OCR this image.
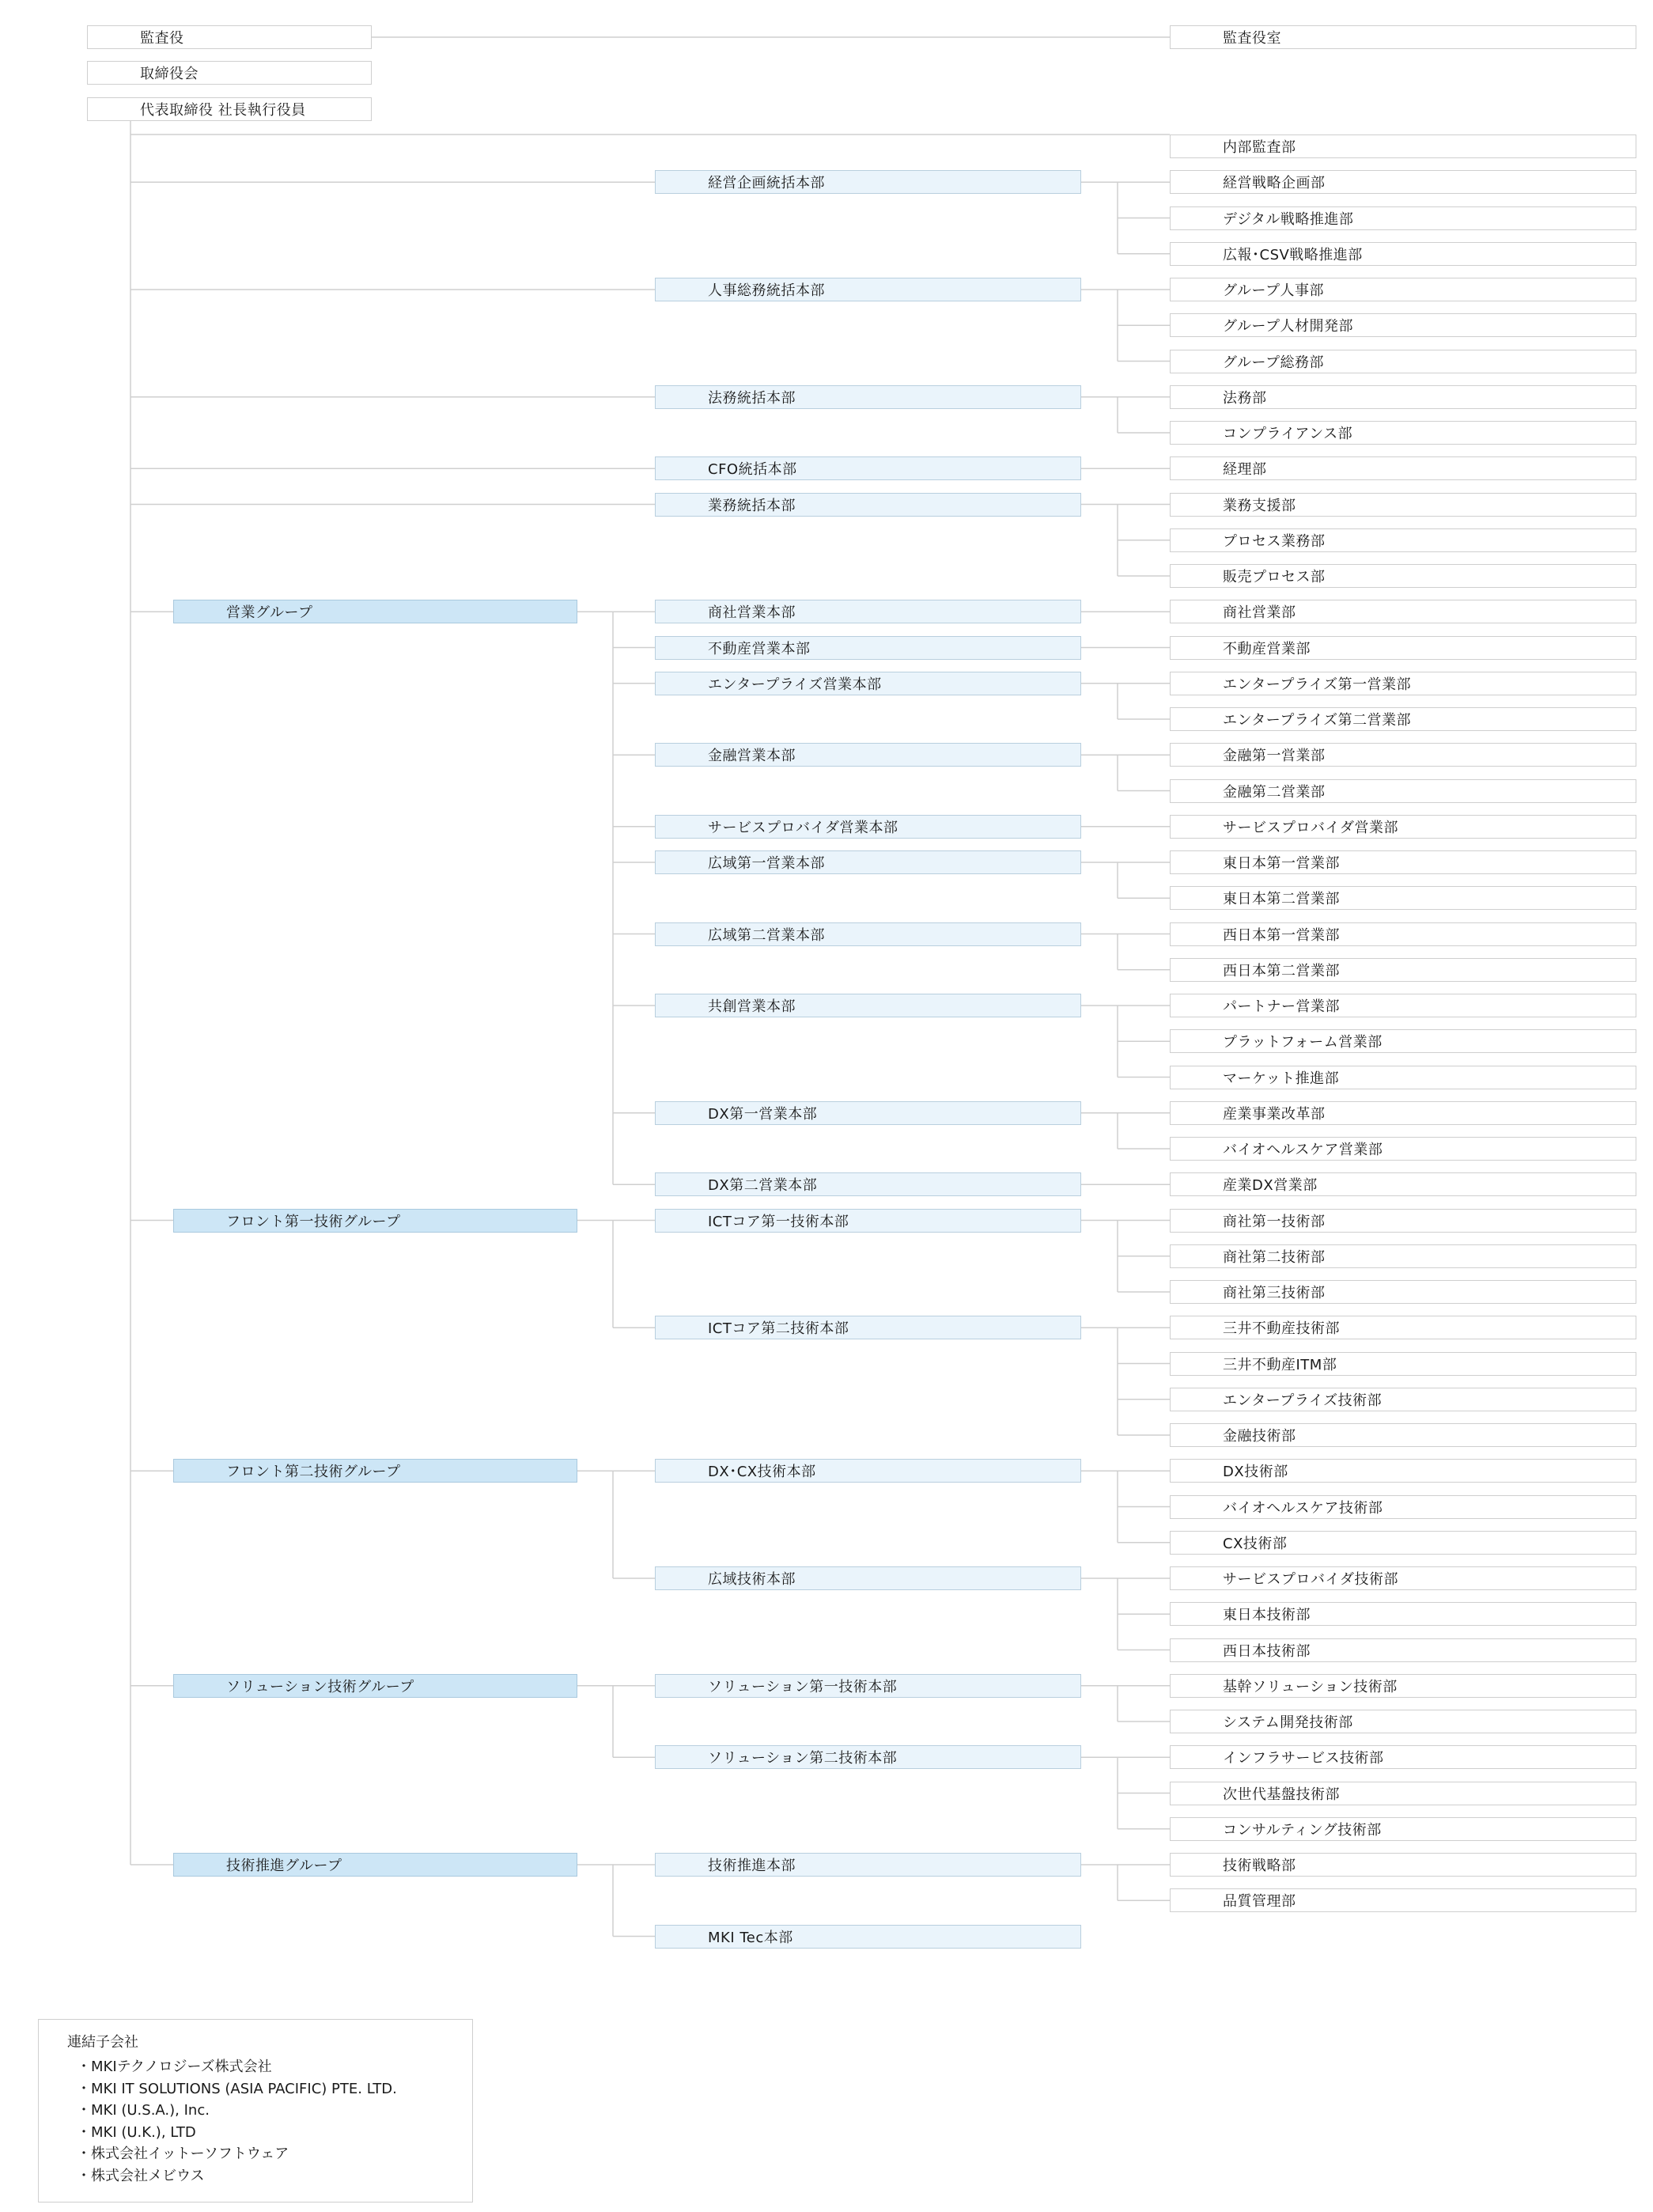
監査役
取締役会
代表取締役 社長執行役員
監査役室
内部監査部
経営企画統括本部	経営戦略企画部
デジタル戦略推進部
広報･CSV戦略推進部
人事総務統括本部	グループ人事部
グループ人材開発部
グループ総務部
法務統括本部	法務部
コンプライアンス部
CFO統括本部	経理部
業務統括本部	業務支援部
プロセス業務部
販売プロセス部
営業グループ	商社営業本部	商社営業部
不動産営業本部	不動産営業部
エンタープライズ営業本部	エンタープライズ第一営業部
エンタープライズ第二営業部
金融営業本部	金融第一営業部
金融第二営業部
サービスプロバイダ営業本部	サービスプロバイダ営業部
広域第一営業本部	東日本第一営業部
東日本第二営業部
広域第二営業本部	西日本第一営業部
西日本第二営業部
共創営業本部	パートナー営業部
プラットフォーム営業部
マーケット推進部
DX第一営業本部	産業事業改革部
バイオヘルスケア営業部
DX第二営業本部	産業DX営業部
フロント第一技術グループ	ICTコア第一技術本部	商社第一技術部
商社第二技術部
商社第三技術部
ICTコア第二技術本部	三井不動産技術部
三井不動産ITM部
エンタープライズ技術部
金融技術部
フロント第二技術グループ	DX･CX技術本部	DX技術部
バイオヘルスケア技術部
CX技術部
広域技術本部	サービスプロバイダ技術部
東日本技術部
西日本技術部
ソリューション技術グループ	ソリューション第一技術本部	基幹ソリューション技術部
システム開発技術部
ソリューション第二技術本部	インフラサービス技術部
次世代基盤技術部
コンサルティング技術部
技術推進グループ	技術推進本部	技術戦略部
品質管理部
MKI Tec本部
連結子会社
・MKIテクノロジーズ株式会社
・MKI IT SOLUTIONS (ASIA PACIFIC) PTE. LTD.
・MKI (U.S.A.), Inc.
・MKI (U.K.), LTD
・株式会社イットーソフトウェア
・株式会社メビウス
